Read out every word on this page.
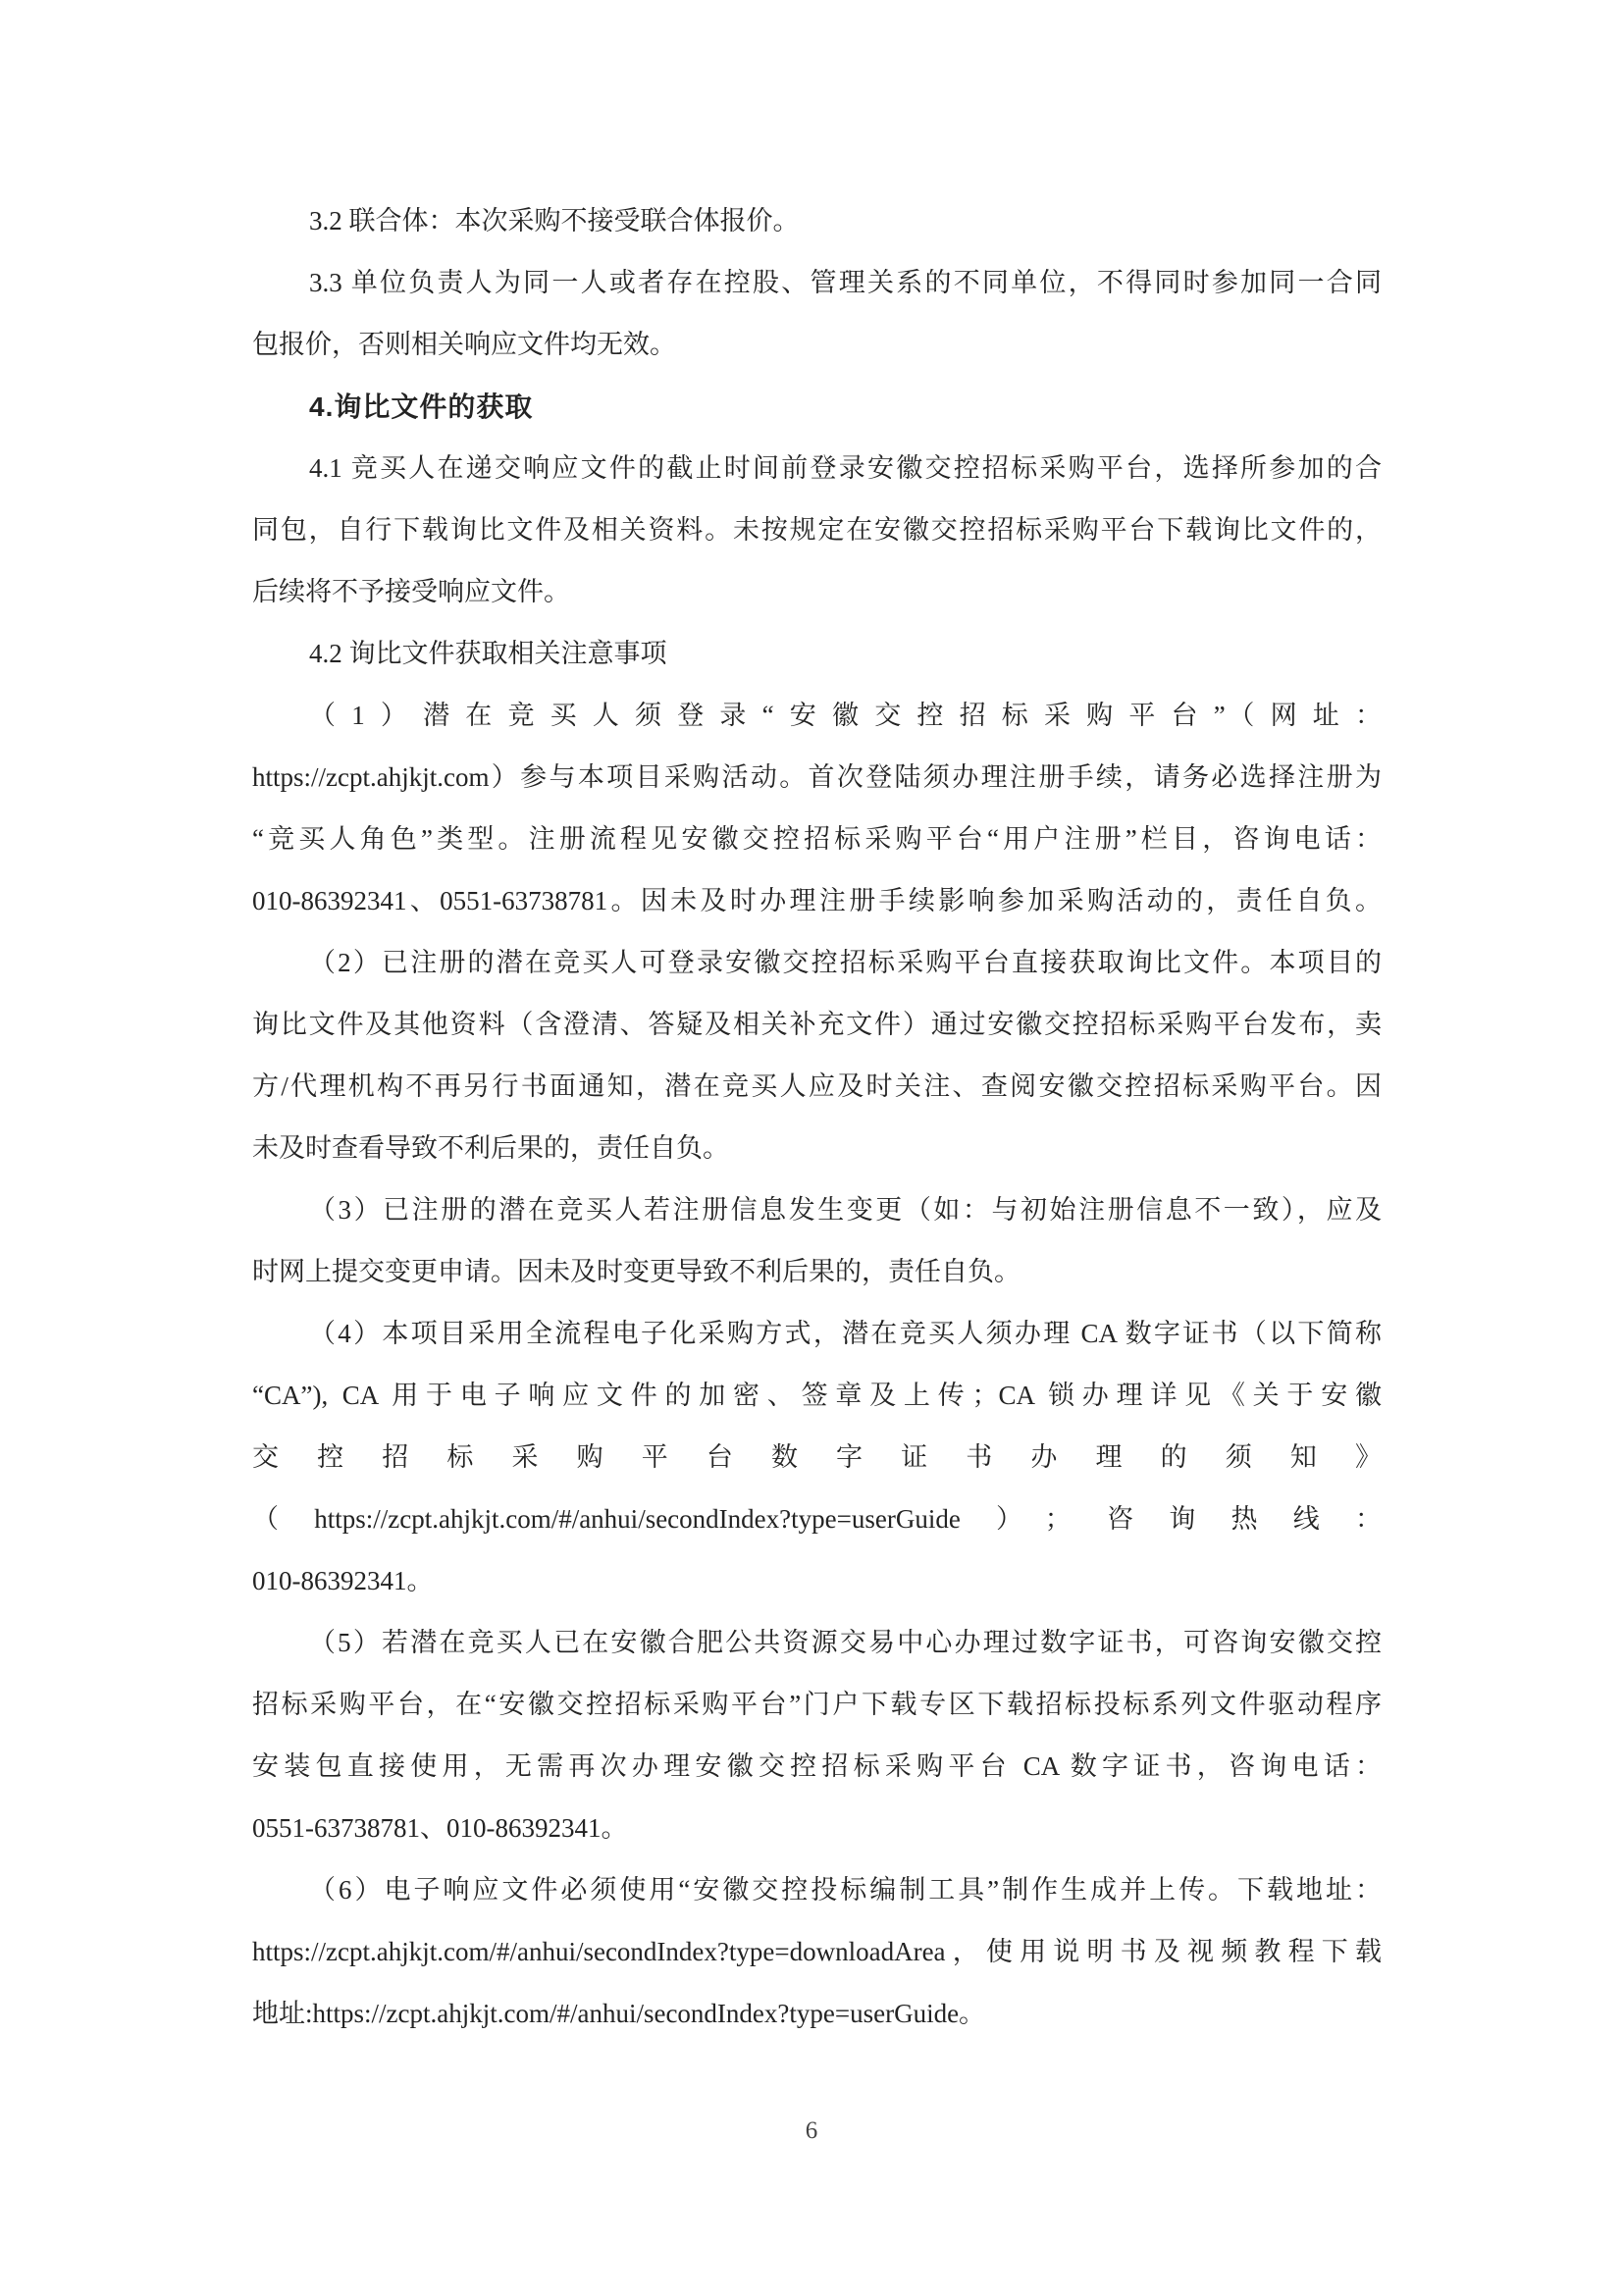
3.2 联合体：本次采购不接受联合体报价。
3.3 单位负责人为同一人或者存在控股、管理关系的不同单位，不得同时参加同一合同
包报价，否则相关响应文件均无效。
4.询比文件的获取
4.1 竞买人在递交响应文件的截止时间前登录安徽交控招标采购平台，选择所参加的合
同包，自行下载询比文件及相关资料。未按规定在安徽交控招标采购平台下载询比文件的，
后续将不予接受响应文件。
4.2 询比文件获取相关注意事项
（1）潜在竞买人须登录“安徽交控招标采购平台”（网址：
https://zcpt.ahjkjt.com）参与本项目采购活动。首次登陆须办理注册手续，请务必选择注册为
“竞买人角色”类型。注册流程见安徽交控招标采购平台“用户注册”栏目，咨询电话：
010-86392341、0551-63738781。因未及时办理注册手续影响参加采购活动的，责任自负。
（2）已注册的潜在竞买人可登录安徽交控招标采购平台直接获取询比文件。本项目的
询比文件及其他资料（含澄清、答疑及相关补充文件）通过安徽交控招标采购平台发布，卖
方/代理机构不再另行书面通知，潜在竞买人应及时关注、查阅安徽交控招标采购平台。因
未及时查看导致不利后果的，责任自负。
（3）已注册的潜在竞买人若注册信息发生变更（如：与初始注册信息不一致），应及
时网上提交变更申请。因未及时变更导致不利后果的，责任自负。
（4）本项目采用全流程电子化采购方式，潜在竞买人须办理 CA 数字证书（以下简称
“CA”), CA 用于电子响应文件的加密、签章及上传；CA 锁办理详见《关于安徽
交控招标采购平台数字证书办理的须知》
（https://zcpt.ahjkjt.com/#/anhui/secondIndex?type=userGuide）；咨询热线：
010-86392341。
（5）若潜在竞买人已在安徽合肥公共资源交易中心办理过数字证书，可咨询安徽交控
招标采购平台，在“安徽交控招标采购平台”门户下载专区下载招标投标系列文件驱动程序
安装包直接使用，无需再次办理安徽交控招标采购平台 CA 数字证书，咨询电话：
0551-63738781、010-86392341。
（6）电子响应文件必须使用“安徽交控投标编制工具”制作生成并上传。下载地址：
https://zcpt.ahjkjt.com/#/anhui/secondIndex?type=downloadArea，使用说明书及视频教程下载
地址:https://zcpt.ahjkjt.com/#/anhui/secondIndex?type=userGuide。
6
